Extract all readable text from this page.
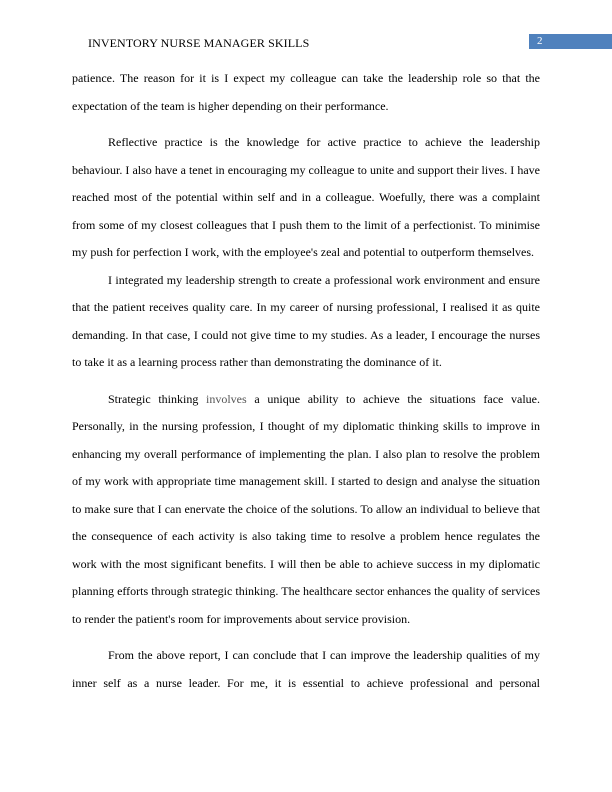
INVENTORY NURSE MANAGER SKILLS	2

patience. The reason for it is I expect my colleague can take the leadership role so that the expectation of the team is higher depending on their performance.

Reflective practice is the knowledge for active practice to achieve the leadership behaviour. I also have a tenet in encouraging my colleague to unite and support their lives. I have reached most of the potential within self and in a colleague. Woefully, there was a complaint from some of my closest colleagues that I push them to the limit of a perfectionist. To minimise my push for perfection I work, with the employee's zeal and potential to outperform themselves.

I integrated my leadership strength to create a professional work environment and ensure that the patient receives quality care. In my career of nursing professional, I realised it as quite demanding. In that case, I could not give time to my studies. As a leader, I encourage the nurses to take it as a learning process rather than demonstrating the dominance of it.

Strategic thinking involves a unique ability to achieve the situations face value. Personally, in the nursing profession, I thought of my diplomatic thinking skills to improve in enhancing my overall performance of implementing the plan. I also plan to resolve the problem of my work with appropriate time management skill. I started to design and analyse the situation to make sure that I can enervate the choice of the solutions. To allow an individual to believe that the consequence of each activity is also taking time to resolve a problem hence regulates the work with the most significant benefits. I will then be able to achieve success in my diplomatic planning efforts through strategic thinking. The healthcare sector enhances the quality of services to render the patient's room for improvements about service provision.

From the above report, I can conclude that I can improve the leadership qualities of my inner self as a nurse leader. For me, it is essential to achieve professional and personal
